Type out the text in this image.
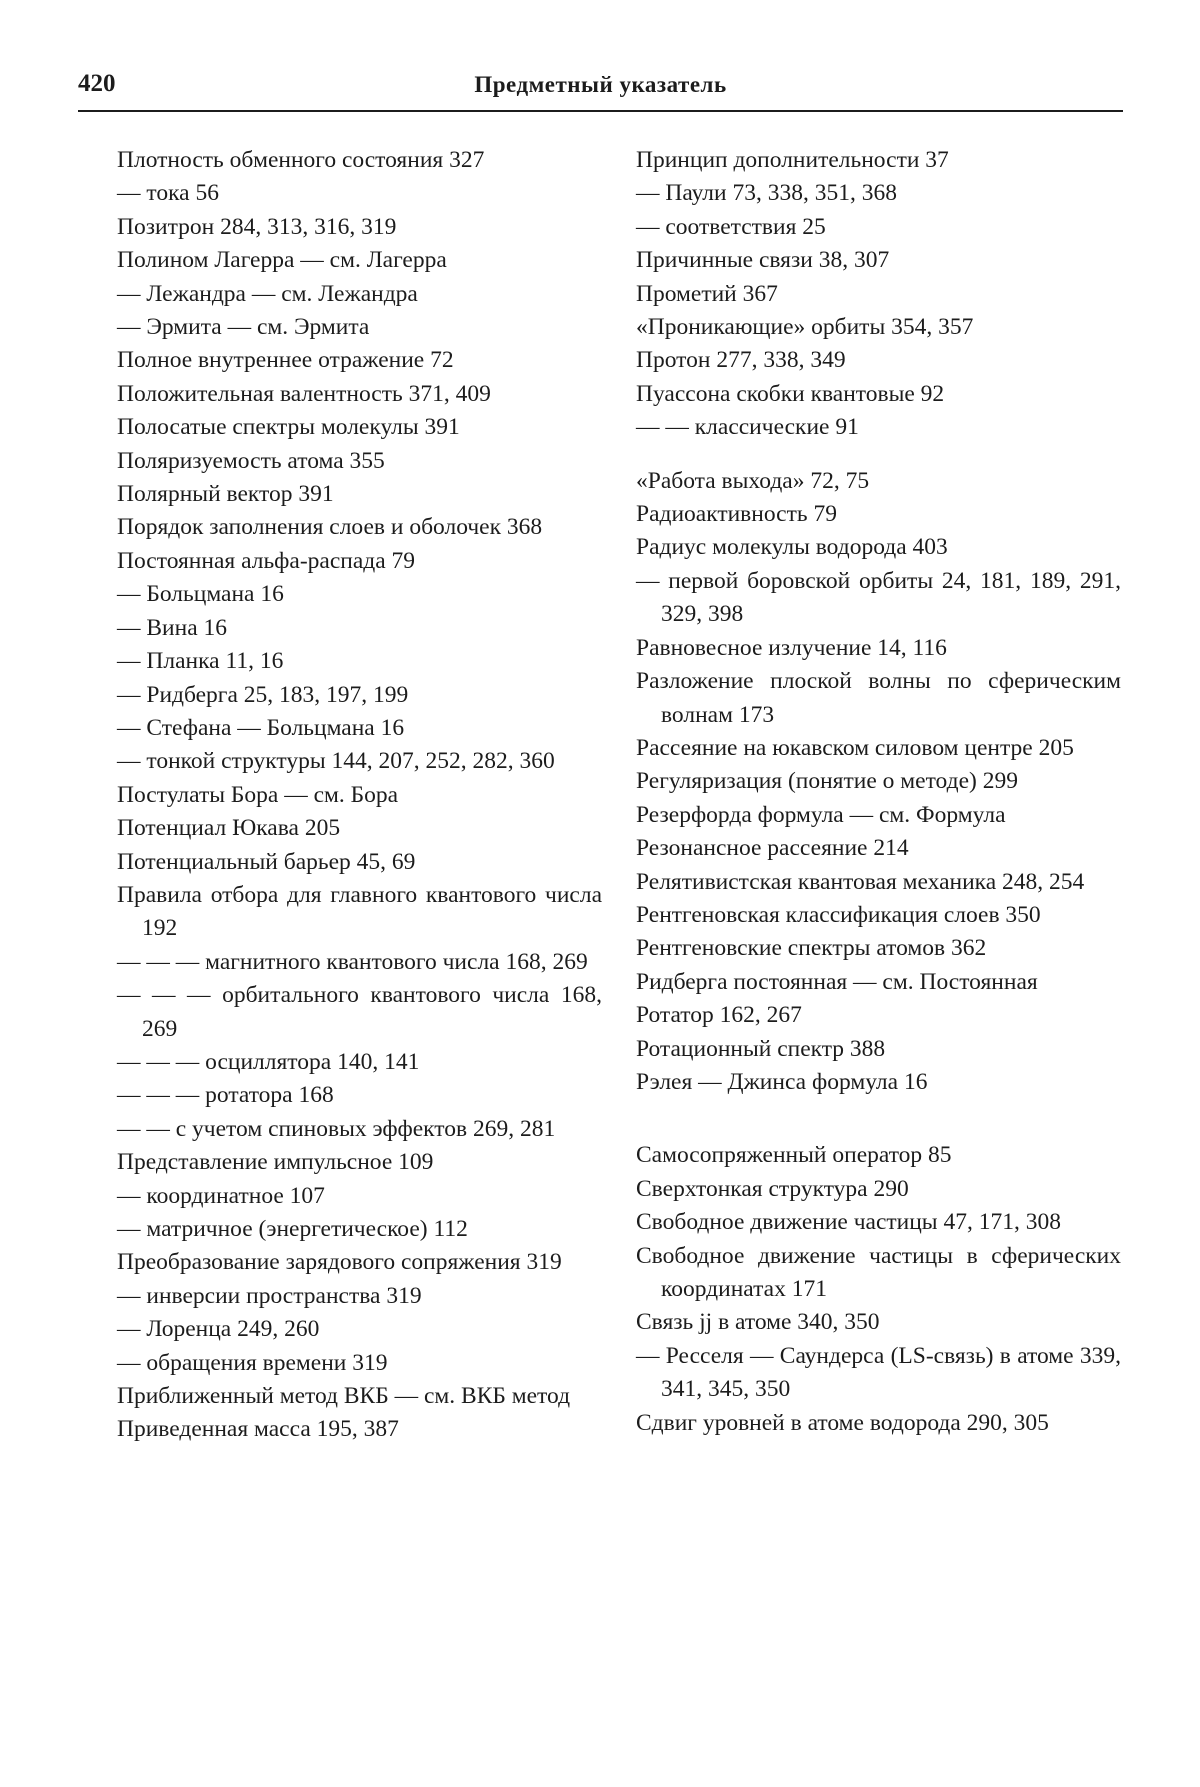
420	Предметный указатель
Плотность обменного состояния 327
— тока 56
Позитрон 284, 313, 316, 319
Полином Лагерра — см. Лагерра
— Лежандра — см. Лежандра
— Эрмита — см. Эрмита
Полное внутреннее отражение 72
Положительная валентность 371, 409
Полосатые спектры молекулы 391
Поляризуемость атома 355
Полярный вектор 391
Порядок заполнения слоев и оболочек 368
Постоянная альфа-распада 79
— Больцмана 16
— Вина 16
— Планка 11, 16
— Ридберга 25, 183, 197, 199
— Стефана — Больцмана 16
— тонкой структуры 144, 207, 252, 282, 360
Постулаты Бора — см. Бора
Потенциал Юкава 205
Потенциальный барьер 45, 69
Правила отбора для главного квантового числа 192
— — — магнитного квантового числа 168, 269
— — — орбитального квантового числа 168, 269
— — — осциллятора 140, 141
— — — ротатора 168
— — с учетом спиновых эффектов 269, 281
Представление импульсное 109
— координатное 107
— матричное (энергетическое) 112
Преобразование зарядового сопряжения 319
— инверсии пространства 319
— Лоренца 249, 260
— обращения времени 319
Приближенный метод ВКБ — см. ВКБ метод
Приведенная масса 195, 387
Принцип дополнительности 37
— Паули 73, 338, 351, 368
— соответствия 25
Причинные связи 38, 307
Прометий 367
«Проникающие» орбиты 354, 357
Протон 277, 338, 349
Пуассона скобки квантовые 92
— — классические 91
«Работа выхода» 72, 75
Радиоактивность 79
Радиус молекулы водорода 403
— первой боровской орбиты 24, 181, 189, 291, 329, 398
Равновесное излучение 14, 116
Разложение плоской волны по сферическим волнам 173
Рассеяние на юкавском силовом центре 205
Регуляризация (понятие о методе) 299
Резерфорда формула — см. Формула
Резонансное рассеяние 214
Релятивистская квантовая механика 248, 254
Рентгеновская классификация слоев 350
Рентгеновские спектры атомов 362
Ридберга постоянная — см. Постоянная
Ротатор 162, 267
Ротационный спектр 388
Рэлея — Джинса формула 16
Самосопряженный оператор 85
Сверхтонкая структура 290
Свободное движение частицы 47, 171, 308
Свободное движение частицы в сферических координатах 171
Связь jj в атоме 340, 350
— Ресселя — Саундерса (LS-связь) в атоме 339, 341, 345, 350
Сдвиг уровней в атоме водорода 290, 305
